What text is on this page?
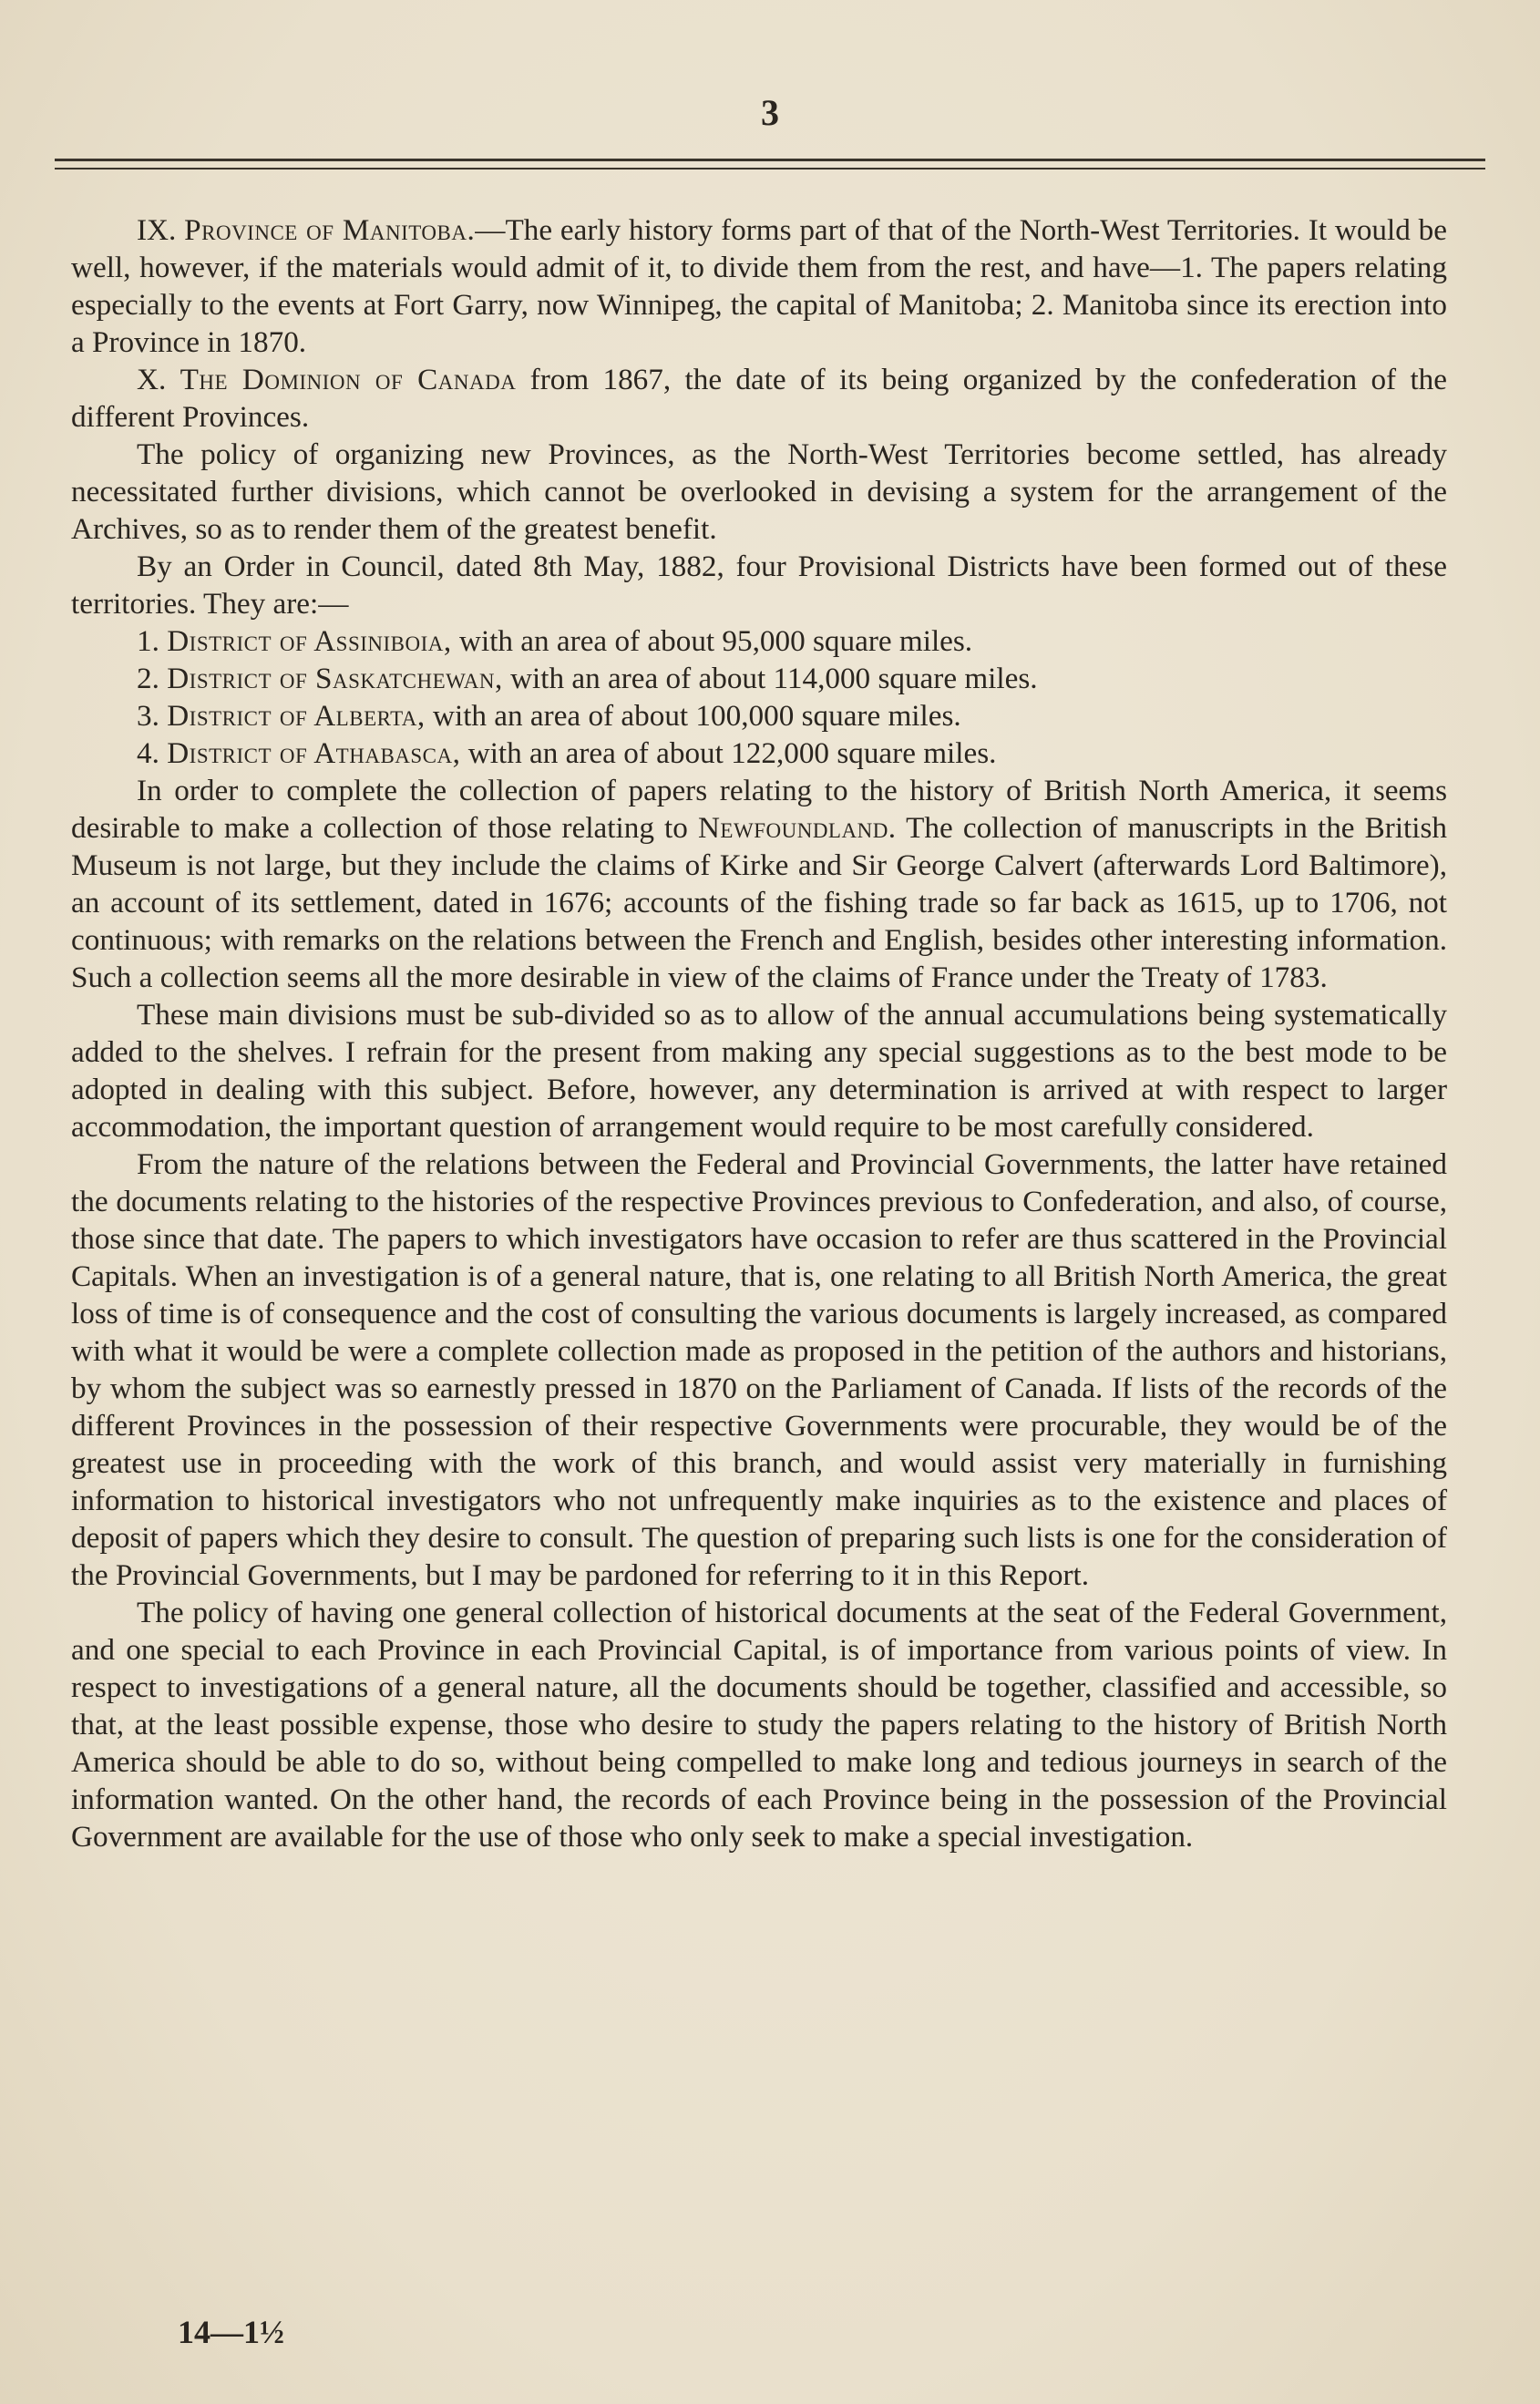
3

IX. Province of Manitoba.—The early history forms part of that of the North-West Territories. It would be well, however, if the materials would admit of it, to divide them from the rest, and have—1. The papers relating especially to the events at Fort Garry, now Winnipeg, the capital of Manitoba; 2. Manitoba since its erection into a Province in 1870.

X. The Dominion of Canada from 1867, the date of its being organized by the confederation of the different Provinces.

The policy of organizing new Provinces, as the North-West Territories become settled, has already necessitated further divisions, which cannot be overlooked in devising a system for the arrangement of the Archives, so as to render them of the greatest benefit.

By an Order in Council, dated 8th May, 1882, four Provisional Districts have been formed out of these territories. They are:—

1. District of Assiniboia, with an area of about 95,000 square miles.

2. District of Saskatchewan, with an area of about 114,000 square miles.

3. District of Alberta, with an area of about 100,000 square miles.

4. District of Athabasca, with an area of about 122,000 square miles.

In order to complete the collection of papers relating to the history of British North America, it seems desirable to make a collection of those relating to Newfoundland. The collection of manuscripts in the British Museum is not large, but they include the claims of Kirke and Sir George Calvert (afterwards Lord Baltimore), an account of its settlement, dated in 1676; accounts of the fishing trade so far back as 1615, up to 1706, not continuous; with remarks on the relations between the French and English, besides other interesting information. Such a collection seems all the more desirable in view of the claims of France under the Treaty of 1783.

These main divisions must be sub-divided so as to allow of the annual accumulations being systematically added to the shelves. I refrain for the present from making any special suggestions as to the best mode to be adopted in dealing with this subject. Before, however, any determination is arrived at with respect to larger accommodation, the important question of arrangement would require to be most carefully considered.

From the nature of the relations between the Federal and Provincial Governments, the latter have retained the documents relating to the histories of the respective Provinces previous to Confederation, and also, of course, those since that date. The papers to which investigators have occasion to refer are thus scattered in the Provincial Capitals. When an investigation is of a general nature, that is, one relating to all British North America, the great loss of time is of consequence and the cost of consulting the various documents is largely increased, as compared with what it would be were a complete collection made as proposed in the petition of the authors and historians, by whom the subject was so earnestly pressed in 1870 on the Parliament of Canada. If lists of the records of the different Provinces in the possession of their respective Governments were procurable, they would be of the greatest use in proceeding with the work of this branch, and would assist very materially in furnishing information to historical investigators who not unfrequently make inquiries as to the existence and places of deposit of papers which they desire to consult. The question of preparing such lists is one for the consideration of the Provincial Governments, but I may be pardoned for referring to it in this Report.

The policy of having one general collection of historical documents at the seat of the Federal Government, and one special to each Province in each Provincial Capital, is of importance from various points of view. In respect to investigations of a general nature, all the documents should be together, classified and accessible, so that, at the least possible expense, those who desire to study the papers relating to the history of British North America should be able to do so, without being compelled to make long and tedious journeys in search of the information wanted. On the other hand, the records of each Province being in the possession of the Provincial Government are available for the use of those who only seek to make a special investigation.

14—1½
